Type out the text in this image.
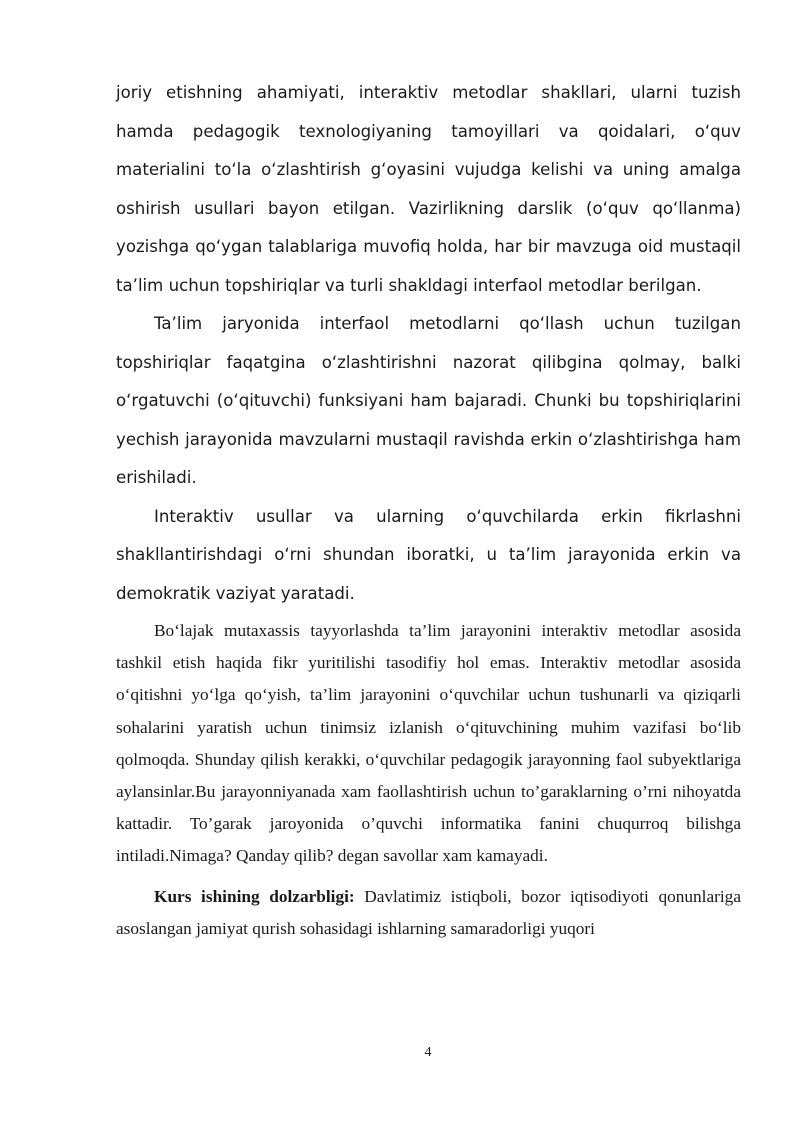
joriy etishning ahamiyati, interaktiv metodlar shakllari, ularni tuzish hamda pedagogik texnologiyaning tamoyillari va qoidalari, o‘quv materialini to‘la o‘zlashtirish g‘oyasini vujudga kelishi va uning amalga oshirish usullari bayon etilgan. Vazirlikning darslik (o‘quv qo‘llanma) yozishga qo‘ygan talablariga muvofiq holda, har bir mavzuga oid mustaqil ta’lim uchun topshiriqlar va turli shakldagi interfaol metodlar berilgan.

Ta’lim jaryonida interfaol metodlarni qo‘llash uchun tuzilgan topshiriqlar faqatgina o‘zlashtirishni nazorat qilibgina qolmay, balki o‘rgatuvchi (o‘qituvchi) funksiyani ham bajaradi. Chunki bu topshiriqlarini yechish jarayonida mavzularni mustaqil ravishda erkin o‘zlashtirishga ham erishiladi.

Interaktiv usullar va ularning o‘quvchilarda erkin fikrlashni shakllantirishdagi o‘rni shundan iboratki, u ta’lim jarayonida erkin va demokratik vaziyat yaratadi.

Bo‘lajak mutaxassis tayyorlashda ta’lim jarayonini interaktiv metodlar asosida tashkil etish haqida fikr yuritilishi tasodifiy hol emas. Interaktiv metodlar asosida o‘qitishni yo‘lga qo‘yish, ta’lim jarayonini o‘quvchilar uchun tushunarli va qiziqarli sohalarini yaratish uchun tinimsiz izlanish o‘qituvchining muhim vazifasi bo‘lib qolmoqda. Shunday qilish kerakki, o‘quvchilar pedagogik jarayonning faol subyektlariga aylansinlar.Bu jarayonniyanada xam faollashtirish uchun to’garaklarning o’rni nihoyatda kattadir. To’garak jaroyonida o’quvchi informatika fanini chuqurroq bilishga intiladi.Nimaga? Qanday qilib? degan savollar xam kamayadi.

Kurs ishining dolzarbligi: Davlatimiz istiqboli, bozor iqtisodiyoti qonunlariga asoslangan jamiyat qurish sohasidagi ishlarning samaradorligi yuqori

4
